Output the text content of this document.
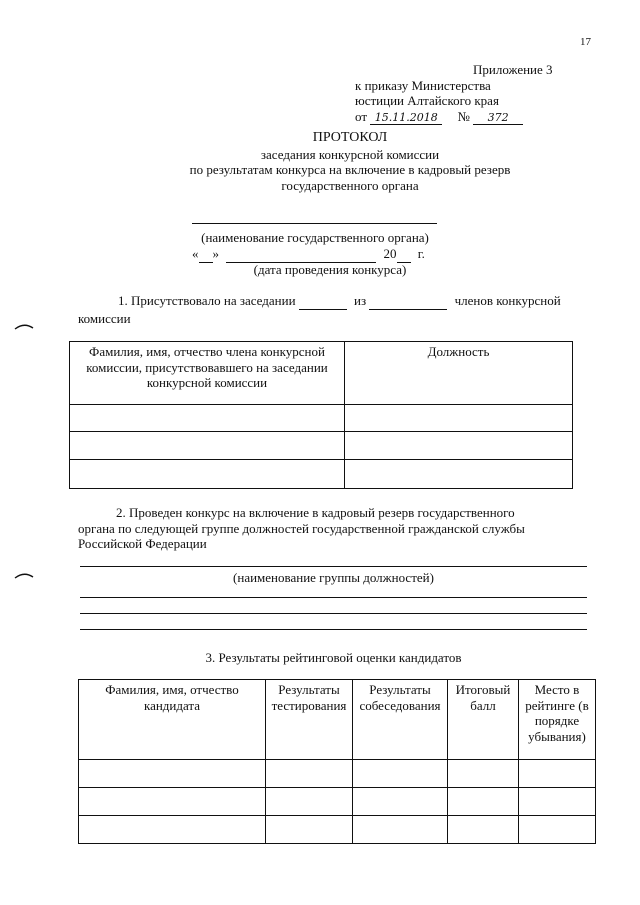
17
Приложение 3
к приказу Министерства
юстиции Алтайского края
от 15.11.2018 № 372
ПРОТОКОЛ
заседания конкурсной комиссии
по результатам конкурса на включение в кадровый резерв
государственного органа
(наименование государственного органа)
« »	20 г.
(дата проведения конкурса)
1. Присутствовало на заседании	из	членов конкурсной
комиссии
Фамилия, имя, отчество члена конкурсной комиссии, присутствовавшего на заседании конкурсной комиссии	Должность

2. Проведен конкурс на включение в кадровый резерв государственного
органа по следующей группе должностей государственной гражданской службы
Российской Федерации
(наименование группы должностей)
3. Результаты рейтинговой оценки кандидатов
Фамилия, имя, отчество кандидата	Результаты тестирования	Результаты собеседования	Итоговый балл	Место в рейтинге (в порядке убывания)
